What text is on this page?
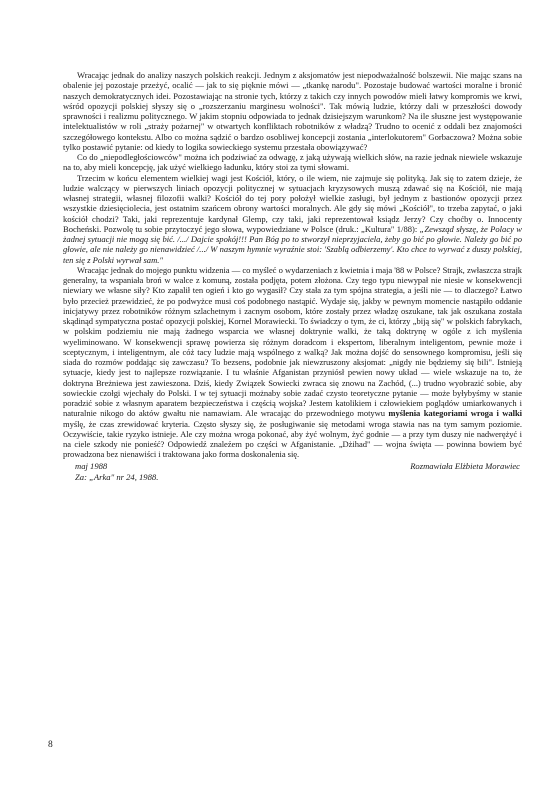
Wracając jednak do analizy naszych polskich reakcji. Jednym z aksjomatów jest niepodważalność bolszewii. Nie mając szans na obalenie jej pozostaje przeżyć, ocalić — jak to się pięknie mówi — „tkankę narodu". Pozostaje budować wartości moralne i bronić naszych demokratycznych idei. Pozostawiając na stronie tych, którzy z takich czy innych powodów mieli łatwy kompromis we krwi, wśród opozycji polskiej słyszy się o „rozszerzaniu marginesu wolności". Tak mówią ludzie, którzy dali w przeszłości dowody sprawności i realizmu politycznego. W jakim stopniu odpowiada to jednak dzisiejszym warunkom? Na ile słuszne jest występowanie intelektualistów w roli „straży pożarnej" w otwartych konfliktach robotników z władzą? Trudno to ocenić z oddali bez znajomości szczegółowego kontekstu. Albo co można sądzić o bardzo osobliwej koncepcji zostania „interlokutorem" Gorbaczowa? Można sobie tylko postawić pytanie: od kiedy to logika sowieckiego systemu przestała obowiązywać?

Co do „niepodległościowców" można ich podziwiać za odwagę, z jaką używają wielkich słów, na razie jednak niewiele wskazuje na to, aby mieli koncepcję, jak użyć wielkiego ładunku, który stoi za tymi słowami.

Trzecim w końcu elementem wielkiej wagi jest Kościół, który, o ile wiem, nie zajmuje się polityką. Jak się to zatem dzieje, że ludzie walczący w pierwszych liniach opozycji politycznej w sytuacjach kryzysowych muszą zdawać się na Kościół, nie mają własnej strategii, własnej filozofii walki? Kościół do tej pory położył wielkie zasługi, był jednym z bastionów opozycji przez wszystkie dziesięciolecia, jest ostatnim szańcem obrony wartości moralnych. Ale gdy się mówi „Kościół", to trzeba zapytać, o jaki kościół chodzi? Taki, jaki reprezentuje kardynał Glemp, czy taki, jaki reprezentował ksiądz Jerzy? Czy choćby o. Innocenty Bocheński. Pozwolę tu sobie przytoczyć jego słowa, wypowiedziane w Polsce (druk.: „Kultura" 1/88): „Zewsząd słyszę, że Polacy w żadnej sytuacji nie mogą się bić. /.../ Dajcie spokój!!! Pan Bóg po to stworzył nieprzyjaciela, żeby go bić po głowie. Należy go bić po głowie, ale nie należy go nienawidzieć /.../ W naszym hymnie wyraźnie stoi: 'Szablą odbierzemy'. Kto chce to wyrwać z duszy polskiej, ten się z Polski wyrwał sam."

Wracając jednak do mojego punktu widzenia — co myśleć o wydarzeniach z kwietnia i maja '88 w Polsce? Strajk, zwłaszcza strajk generalny, ta wspaniała broń w walce z komuną, została podjęta, potem złożona. Czy tego typu niewypał nie niesie w konsekwencji niewiary we własne siły? Kto zapalił ten ogień i kto go wygasił? Czy stała za tym spójna strategia, a jeśli nie — to dlaczego? Łatwo było przecież przewidzieć, że po podwyżce musi coś podobnego nastąpić. Wydaje się, jakby w pewnym momencie nastąpiło oddanie inicjatywy przez robotników różnym szlachetnym i zacnym osobom, które zostały przez władzę oszukane, tak jak oszukana została skądinąd sympatyczna postać opozycji polskiej, Kornel Morawiecki. To świadczy o tym, że ci, którzy „biją się" w polskich fabrykach, w polskim podziemiu nie mają żadnego wsparcia we własnej doktrynie walki, że taką doktrynę w ogóle z ich myślenia wyeliminowano. W konsekwencji sprawę powierza się różnym doradcom i ekspertom, liberalnym inteligentom, pewnie może i sceptycznym, i inteligentnym, ale cóż tacy ludzie mają wspólnego z walką? Jak można dojść do sensownego kompromisu, jeśli się siada do rozmów poddając się zawczasu? To bezsens, podobnie jak niewzruszony aksjomat: „nigdy nie będziemy się bili". Istnieją sytuacje, kiedy jest to najlepsze rozwiązanie. I tu właśnie Afganistan przyniósł pewien nowy układ — wiele wskazuje na to, że doktryna Breżniewa jest zawieszona. Dziś, kiedy Związek Sowiecki zwraca się znowu na Zachód, (...) trudno wyobrazić sobie, aby sowieckie czołgi wjechały do Polski. I w tej sytuacji możnaby sobie zadać czysto teoretyczne pytanie — może byłybyśmy w stanie poradzić sobie z własnym aparatem bezpieczeństwa i częścią wojska? Jestem katolikiem i człowiekiem poglądów umiarkowanych i naturalnie nikogo do aktów gwałtu nie namawiam. Ale wracając do przewodniego motywu myślenia kategoriami wroga i walki myślę, że czas zrewidować kryteria. Często słyszy się, że posługiwanie się metodami wroga stawia nas na tym samym poziomie. Oczywiście, takie ryzyko istnieje. Ale czy można wroga pokonać, aby żyć wolnym, żyć godnie — a przy tym duszy nie nadwerężyć i na ciele szkody nie ponieść? Odpowiedź znaleźem po części w Afganistanie. „Dżihad" — wojna święta — powinna bowiem być prowadzona bez nienawiści i traktowana jako forma doskonalenia się.

maj 1988	Rozmawiała Elżbieta Morawiec
Za: „Arka" nr 24, 1988.
8
